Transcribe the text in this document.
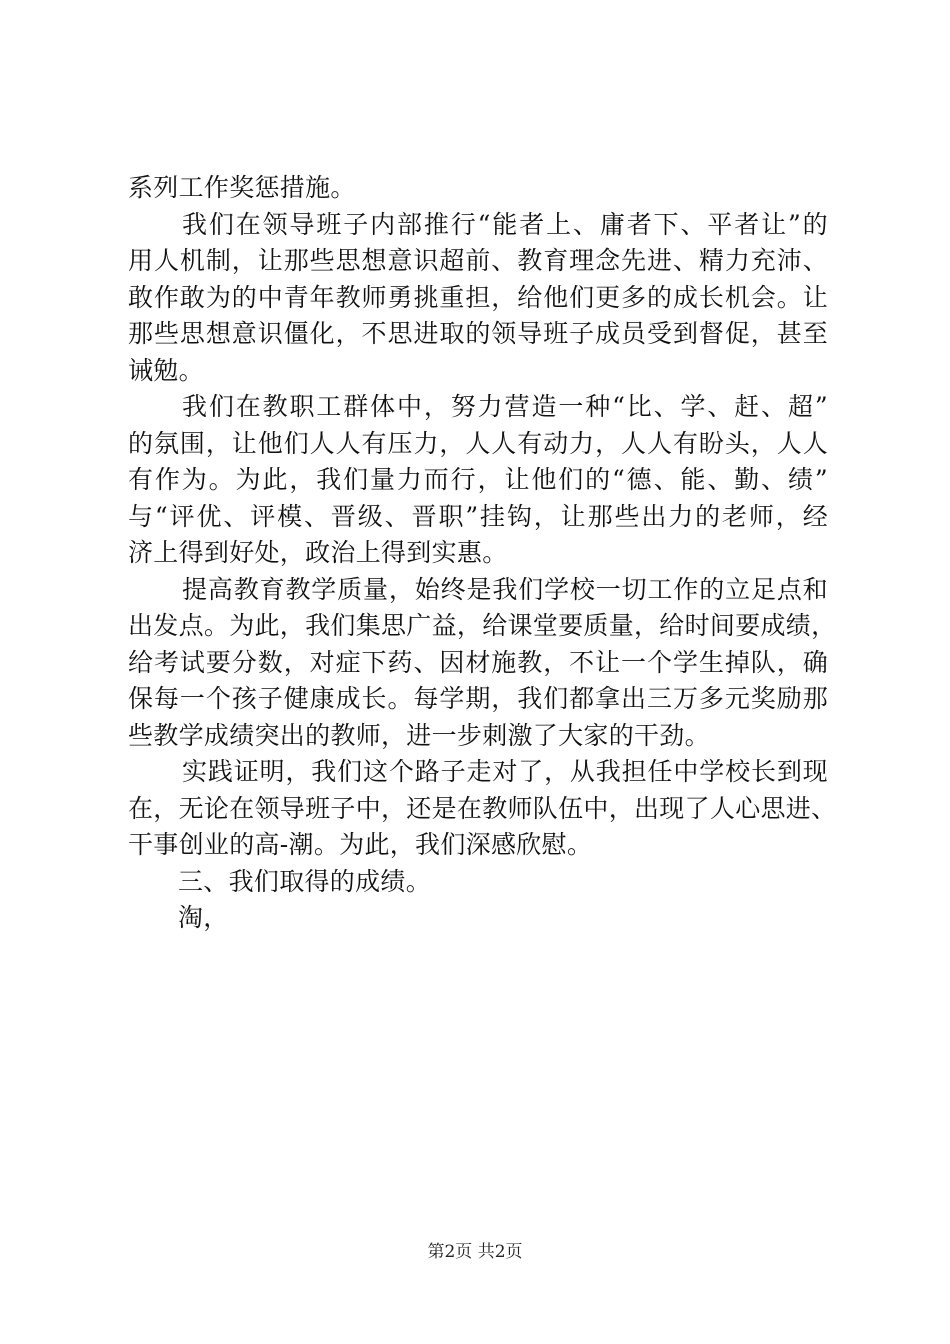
系列工作奖惩措施。
我们在领导班子内部推行“能者上、庸者下、平者让”的
用人机制，让那些思想意识超前、教育理念先进、精力充沛、
敢作敢为的中青年教师勇挑重担，给他们更多的成长机会。让
那些思想意识僵化，不思进取的领导班子成员受到督促，甚至
诫勉。
我们在教职工群体中，努力营造一种“比、学、赶、超”
的氛围，让他们人人有压力，人人有动力，人人有盼头，人人
有作为。为此，我们量力而行，让他们的“德、能、勤、绩”
与“评优、评模、晋级、晋职”挂钩，让那些出力的老师，经
济上得到好处，政治上得到实惠。
提高教育教学质量，始终是我们学校一切工作的立足点和
出发点。为此，我们集思广益，给课堂要质量，给时间要成绩，
给考试要分数，对症下药、因材施教，不让一个学生掉队，确
保每一个孩子健康成长。每学期，我们都拿出三万多元奖励那
些教学成绩突出的教师，进一步刺激了大家的干劲。
实践证明，我们这个路子走对了，从我担任中学校长到现
在，无论在领导班子中，还是在教师队伍中，出现了人心思进、
干事创业的高-潮。为此，我们深感欣慰。
三、我们取得的成绩。
淘，
第2页 共2页
